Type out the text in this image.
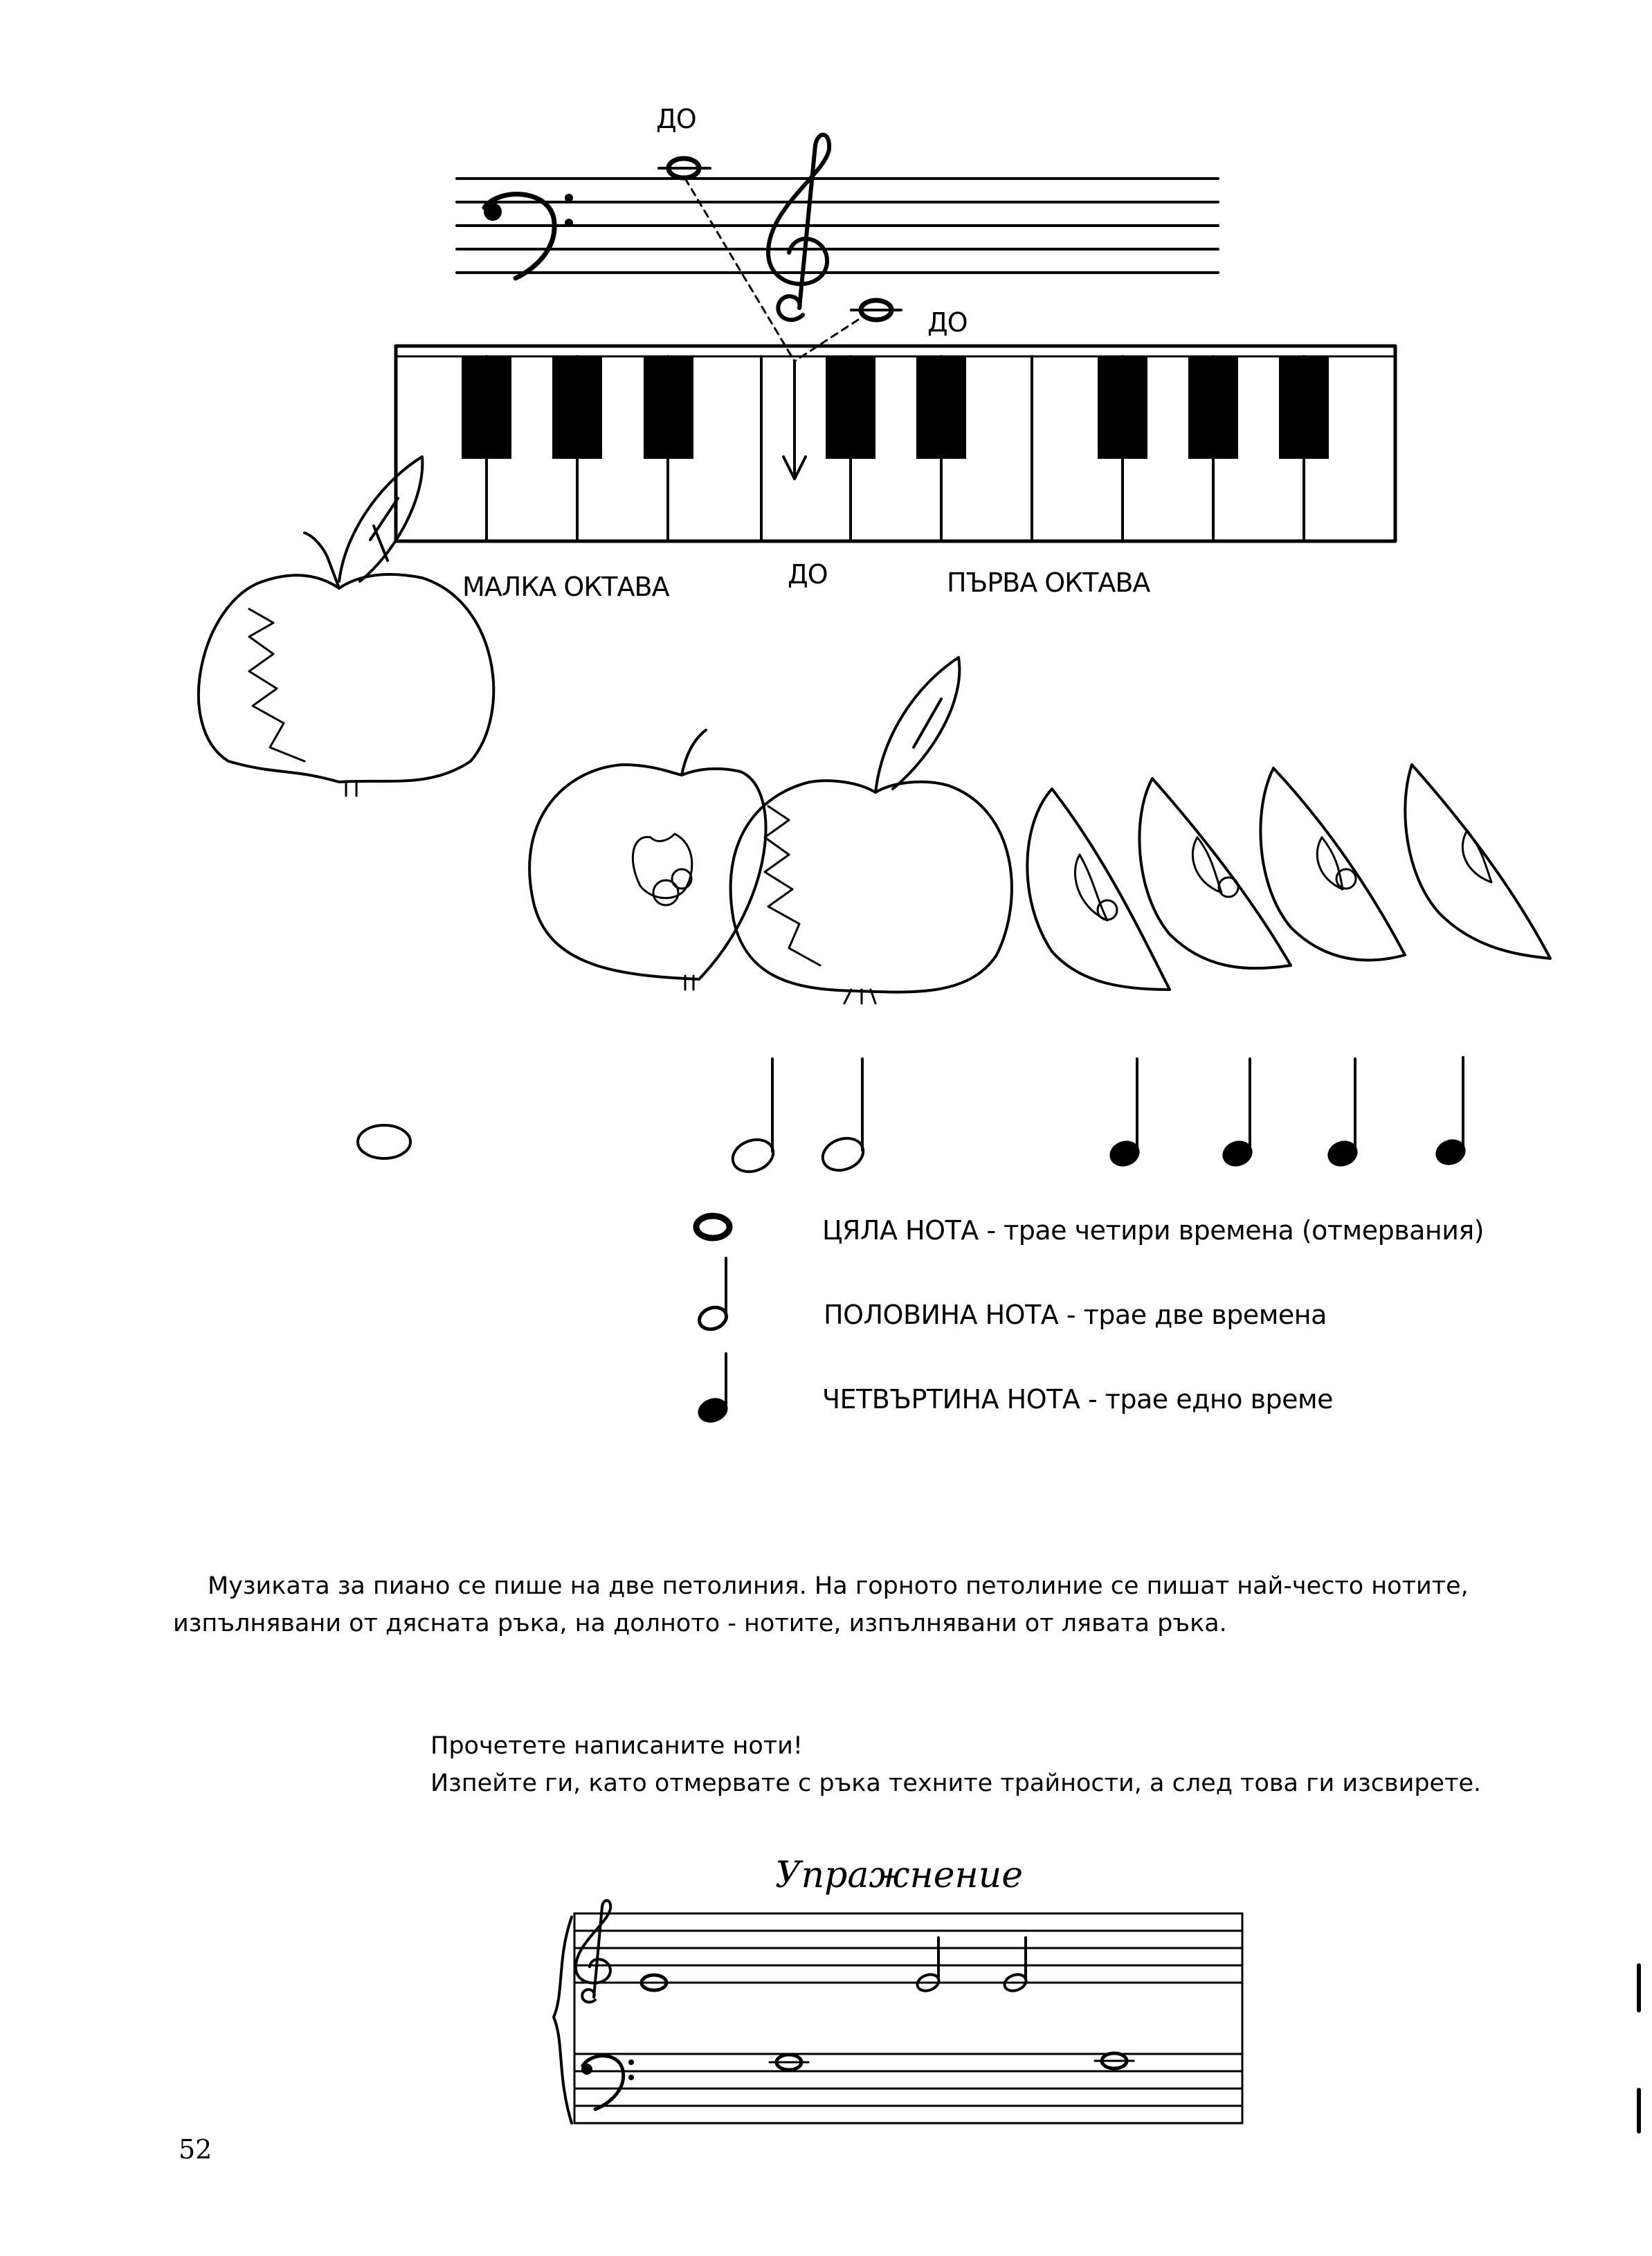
ДО
ДО
ДО
МАЛКА ОКТАВА	ПЪРВА ОКТАВА
ЦЯЛА НОТА - трае четири времена (отмервания)
ПОЛОВИНА НОТА - трае две времена
ЧЕТВЪРТИНА НОТА - трае едно време
Музиката за пиано се пише на две петолиния. На горното петолиние се пишат най-често нотите,
изпълнявани от дясната ръка, на долното - нотите, изпълнявани от лявата ръка.
Прочетете написаните ноти!
Изпейте ги, като отмервате с ръка техните трайности, а след това ги изсвирете.
Упражнение
52
